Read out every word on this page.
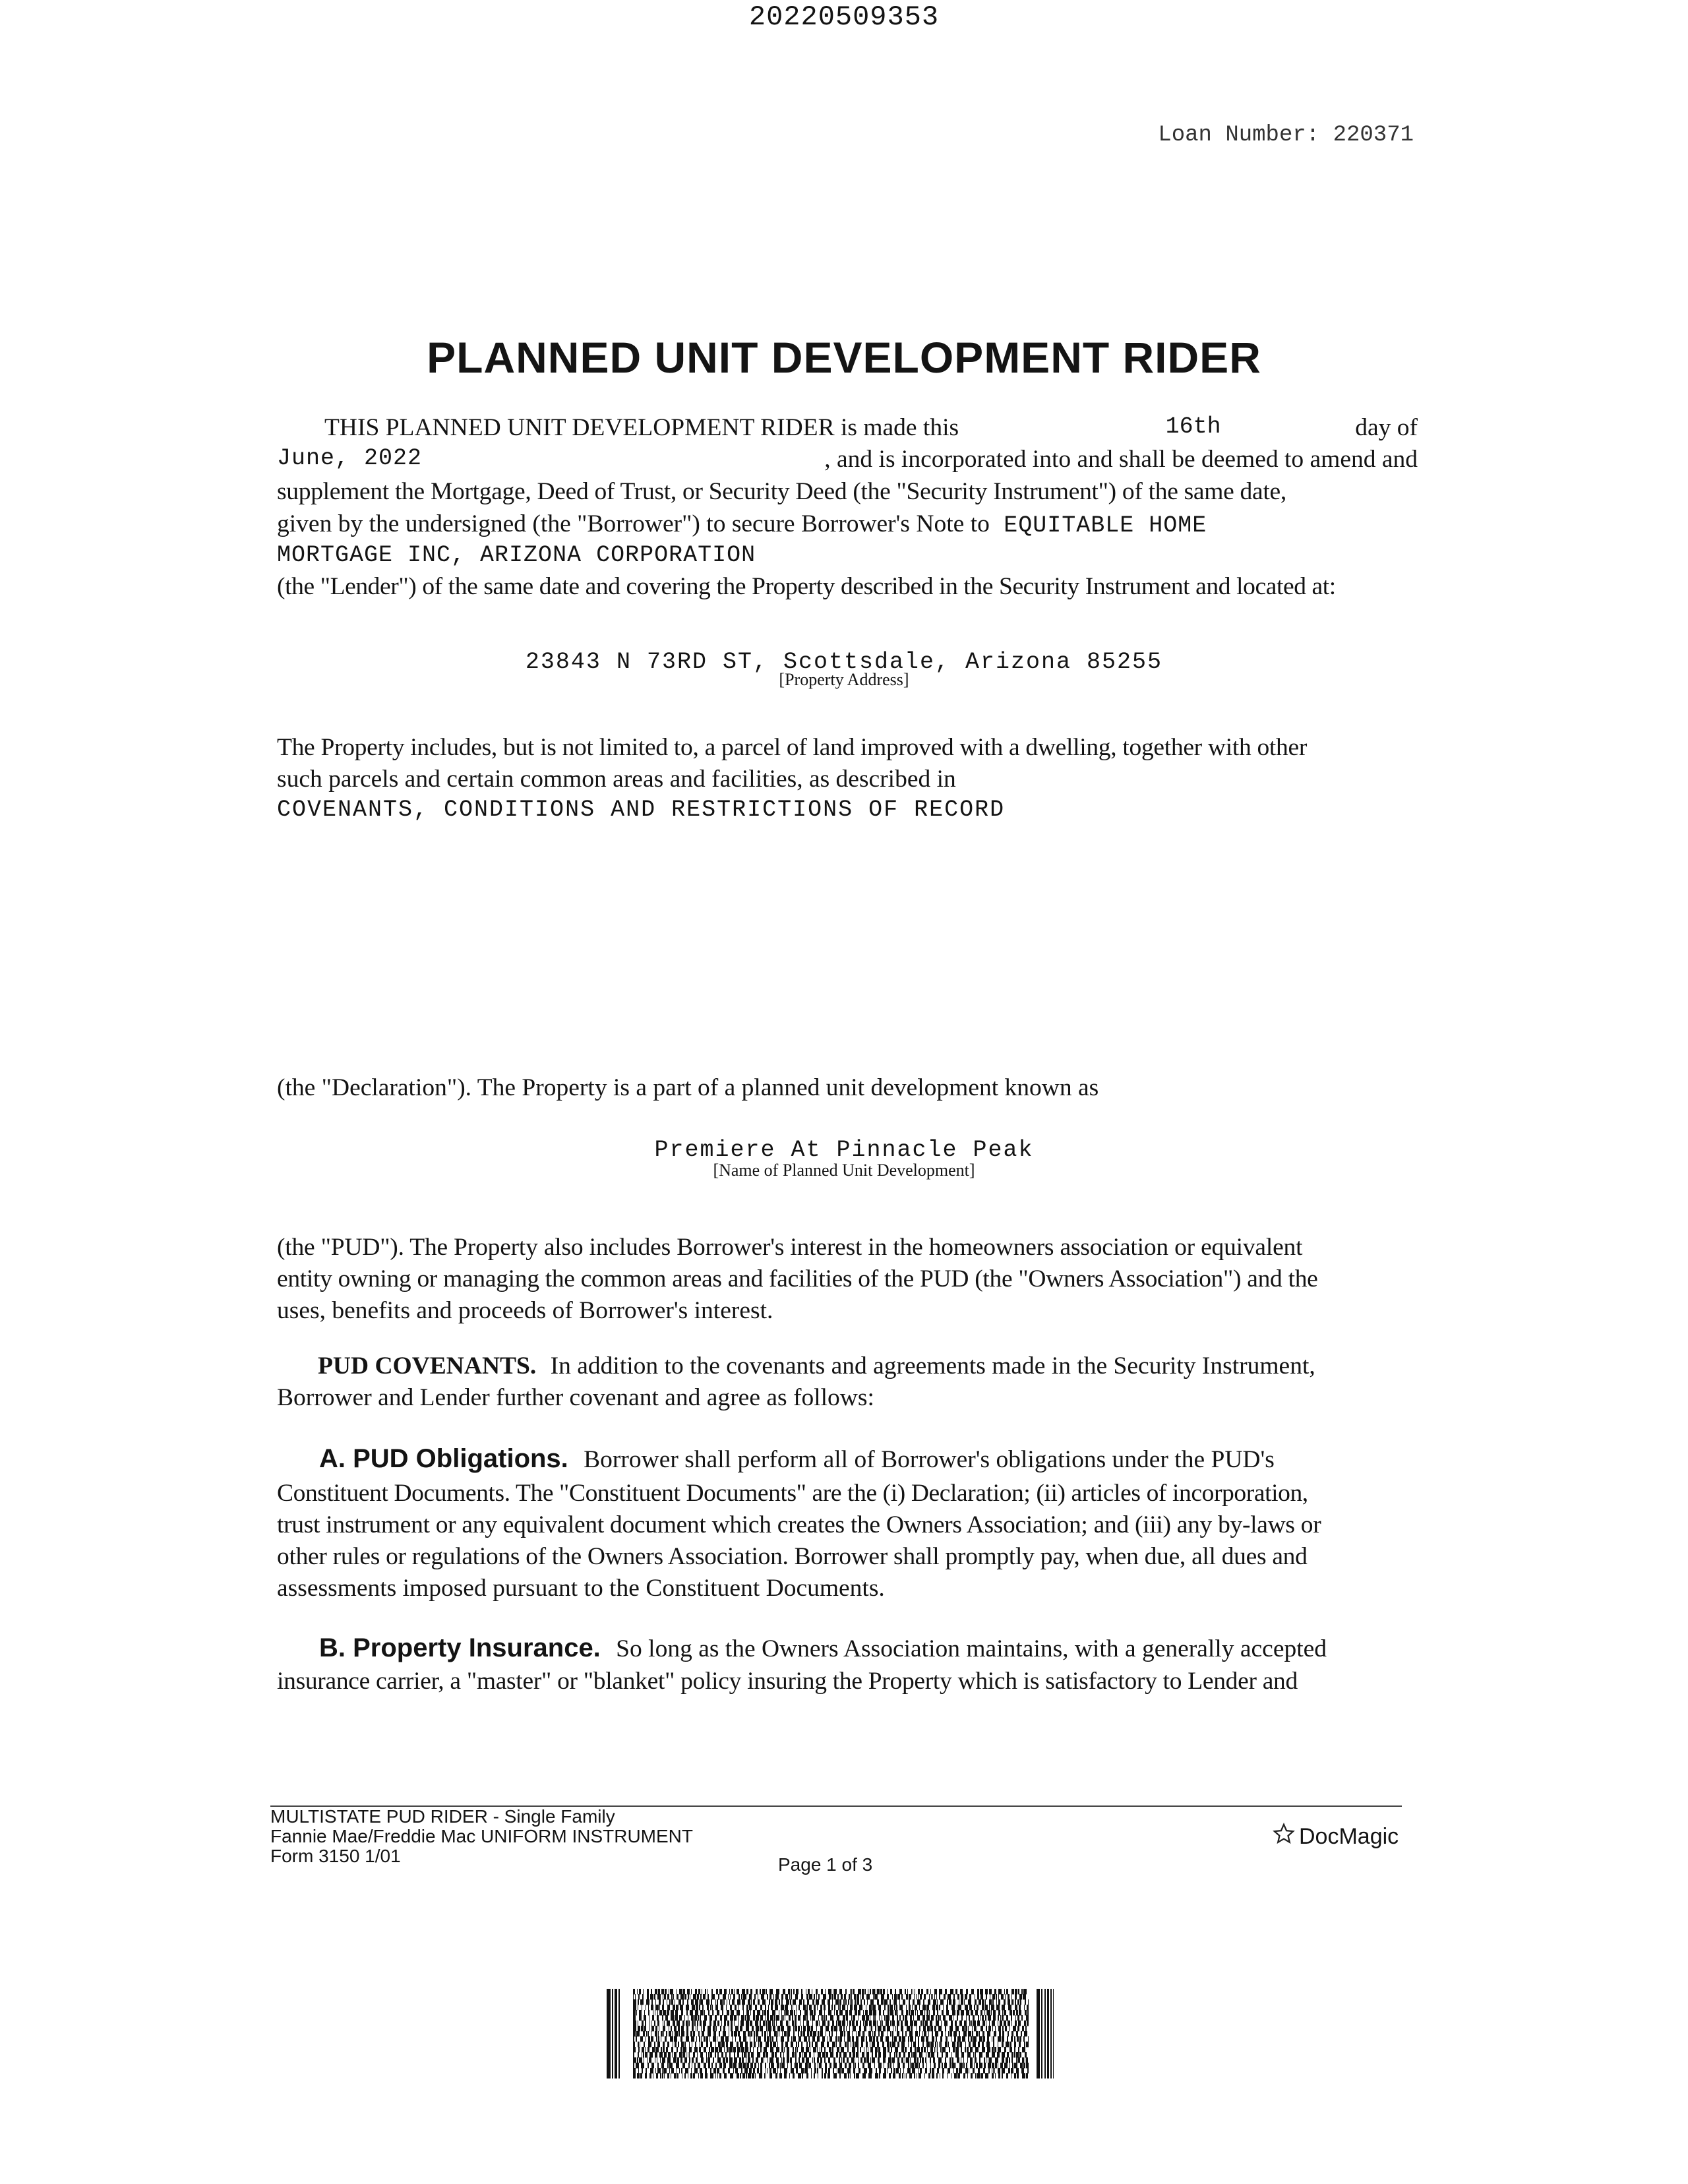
20220509353
Loan Number: 220371
PLANNED UNIT DEVELOPMENT RIDER
THIS PLANNED UNIT DEVELOPMENT RIDER is made this	16th	day of
June, 2022	, and is incorporated into and shall be deemed to amend and
supplement the Mortgage, Deed of Trust, or Security Deed (the "Security Instrument") of the same date,
given by the undersigned (the "Borrower") to secure Borrower's Note to EQUITABLE HOME
MORTGAGE INC, ARIZONA CORPORATION
(the "Lender") of the same date and covering the Property described in the Security Instrument and located at:
23843 N 73RD ST, Scottsdale, Arizona 85255
[Property Address]
The Property includes, but is not limited to, a parcel of land improved with a dwelling, together with other
such parcels and certain common areas and facilities, as described in
COVENANTS, CONDITIONS AND RESTRICTIONS OF RECORD
(the "Declaration"). The Property is a part of a planned unit development known as
Premiere At Pinnacle Peak
[Name of Planned Unit Development]
(the "PUD"). The Property also includes Borrower's interest in the homeowners association or equivalent
entity owning or managing the common areas and facilities of the PUD (the "Owners Association") and the
uses, benefits and proceeds of Borrower's interest.
PUD COVENANTS. In addition to the covenants and agreements made in the Security Instrument,
Borrower and Lender further covenant and agree as follows:
A. PUD Obligations. Borrower shall perform all of Borrower's obligations under the PUD's
Constituent Documents. The "Constituent Documents" are the (i) Declaration; (ii) articles of incorporation,
trust instrument or any equivalent document which creates the Owners Association; and (iii) any by-laws or
other rules or regulations of the Owners Association. Borrower shall promptly pay, when due, all dues and
assessments imposed pursuant to the Constituent Documents.
B. Property Insurance. So long as the Owners Association maintains, with a generally accepted
insurance carrier, a "master" or "blanket" policy insuring the Property which is satisfactory to Lender and
MULTISTATE PUD RIDER - Single Family
Fannie Mae/Freddie Mac UNIFORM INSTRUMENT
Form 3150 1/01	Page 1 of 3
DocMagic
